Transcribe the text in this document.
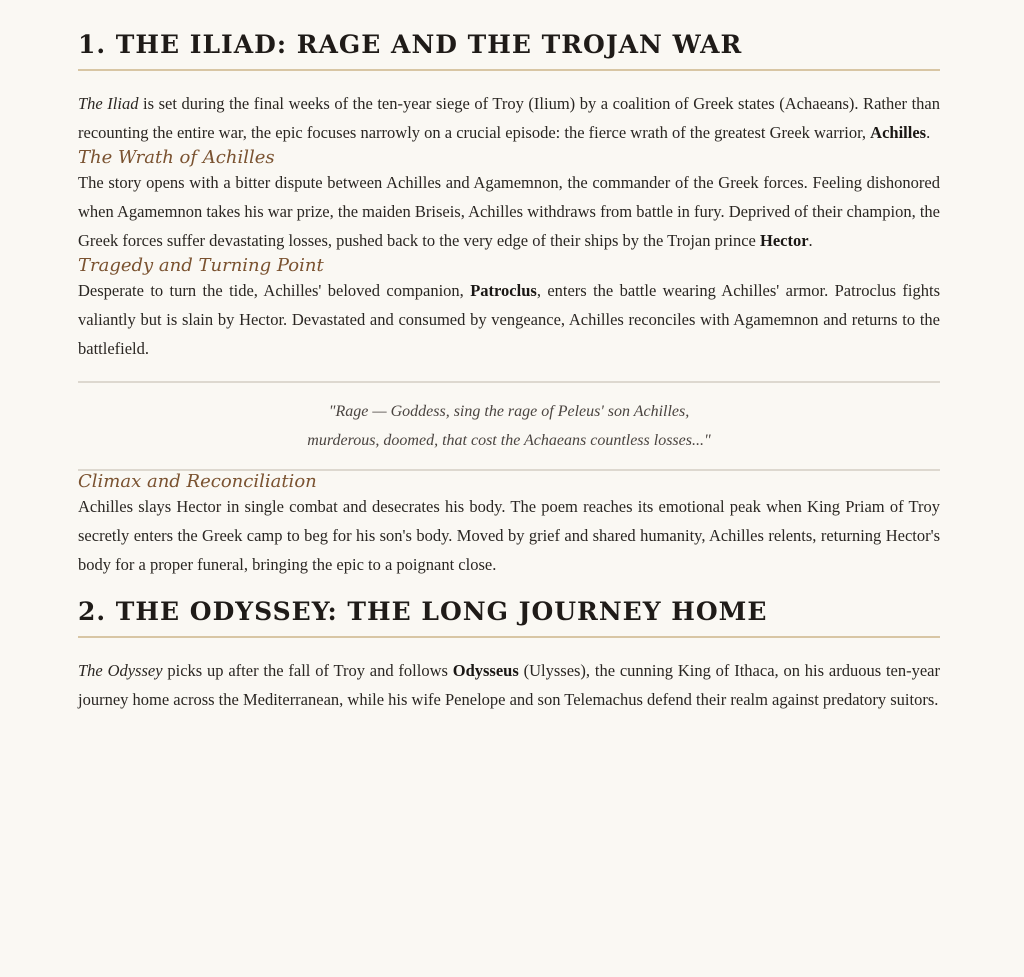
1. THE ILIAD: RAGE AND THE TROJAN WAR

The Iliad is set during the final weeks of the ten-year siege of Troy (Ilium) by a coalition of Greek states (Achaeans). Rather than recounting the entire war, the epic focuses narrowly on a crucial episode: the fierce wrath of the greatest Greek warrior, Achilles.

The Wrath of Achilles

The story opens with a bitter dispute between Achilles and Agamemnon, the commander of the Greek forces. Feeling dishonored when Agamemnon takes his war prize, the maiden Briseis, Achilles withdraws from battle in fury. Deprived of their champion, the Greek forces suffer devastating losses, pushed back to the very edge of their ships by the Trojan prince Hector.

Tragedy and Turning Point

Desperate to turn the tide, Achilles' beloved companion, Patroclus, enters the battle wearing Achilles' armor. Patroclus fights valiantly but is slain by Hector. Devastated and consumed by vengeance, Achilles reconciles with Agamemnon and returns to the battlefield.

"Rage — Goddess, sing the rage of Peleus' son Achilles,
murderous, doomed, that cost the Achaeans countless losses..."
Climax and Reconciliation

Achilles slays Hector in single combat and desecrates his body. The poem reaches its emotional peak when King Priam of Troy secretly enters the Greek camp to beg for his son's body. Moved by grief and shared humanity, Achilles relents, returning Hector's body for a proper funeral, bringing the epic to a poignant close.

2. THE ODYSSEY: THE LONG JOURNEY HOME

The Odyssey picks up after the fall of Troy and follows Odysseus (Ulysses), the cunning King of Ithaca, on his arduous ten-year journey home across the Mediterranean, while his wife Penelope and son Telemachus defend their realm against predatory suitors.
